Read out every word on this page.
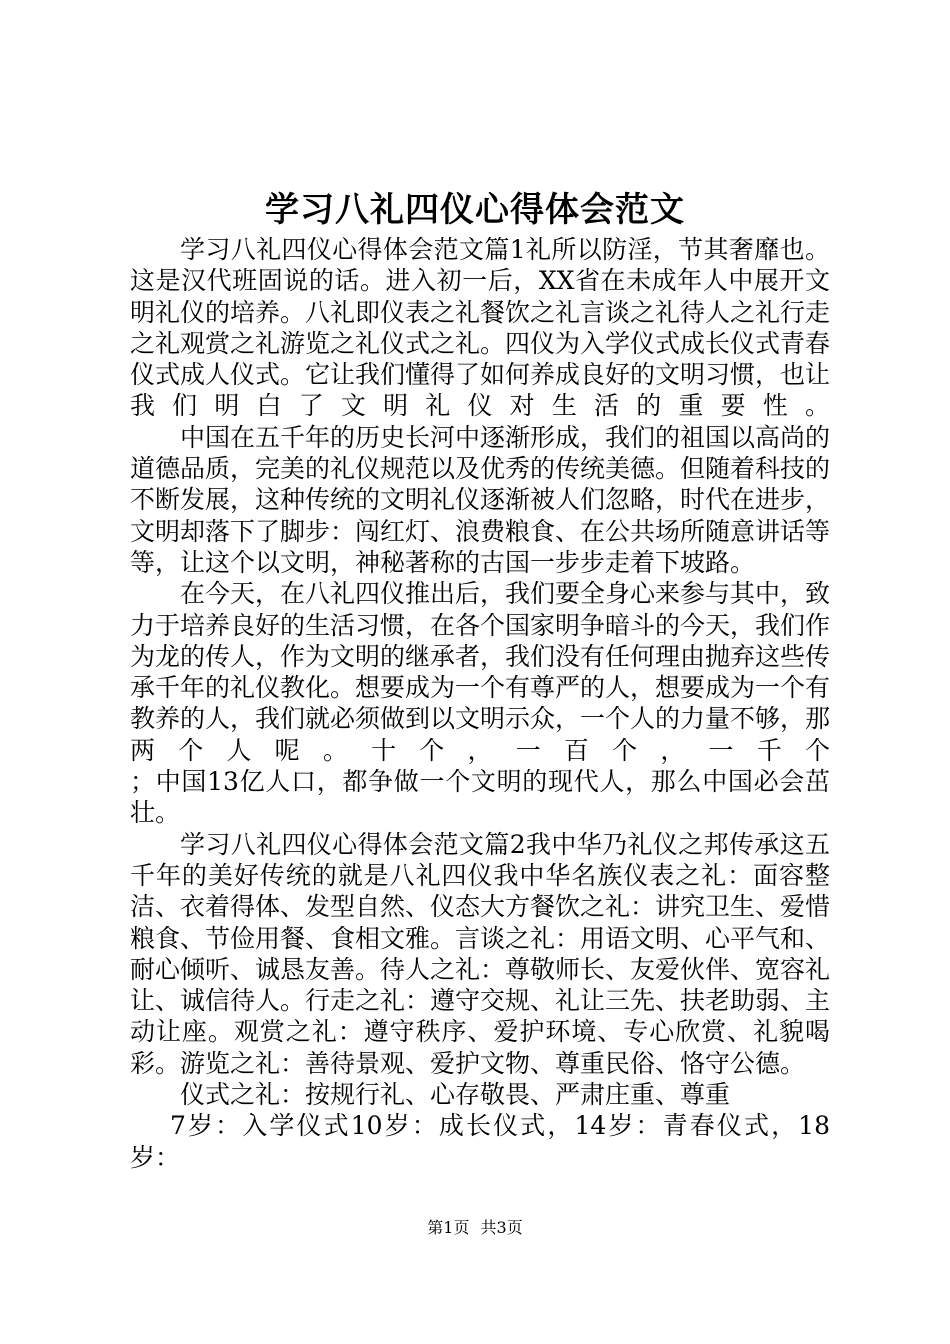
学习八礼四仪心得体会范文

学习八礼四仪心得体会范文篇1礼所以防淫，节其奢靡也。这是汉代班固说的话。进入初一后，XX省在未成年人中展开文明礼仪的培养。八礼即仪表之礼餐饮之礼言谈之礼待人之礼行走之礼观赏之礼游览之礼仪式之礼。四仪为入学仪式成长仪式青春仪式成人仪式。它让我们懂得了如何养成良好的文明习惯，也让我们明白了文明礼仪对生活的重要性。

中国在五千年的历史长河中逐渐形成，我们的祖国以高尚的道德品质，完美的礼仪规范以及优秀的传统美德。但随着科技的不断发展，这种传统的文明礼仪逐渐被人们忽略，时代在进步，文明却落下了脚步：闯红灯、浪费粮食、在公共场所随意讲话等等，让这个以文明，神秘著称的古国一步步走着下坡路。

在今天，在八礼四仪推出后，我们要全身心来参与其中，致力于培养良好的生活习惯，在各个国家明争暗斗的今天，我们作为龙的传人，作为文明的继承者，我们没有任何理由抛弃这些传承千年的礼仪教化。想要成为一个有尊严的人，想要成为一个有教养的人，我们就必须做到以文明示众，一个人的力量不够，那两个人呢。十个，一百个，一千个

；中国13亿人口，都争做一个文明的现代人，那么中国必会茁壮。

学习八礼四仪心得体会范文篇2我中华乃礼仪之邦传承这五千年的美好传统的就是八礼四仪我中华名族仪表之礼：面容整洁、衣着得体、发型自然、仪态大方餐饮之礼：讲究卫生、爱惜粮食、节俭用餐、食相文雅。言谈之礼：用语文明、心平气和、耐心倾听、诚恳友善。待人之礼：尊敬师长、友爱伙伴、宽容礼让、诚信待人。行走之礼：遵守交规、礼让三先、扶老助弱、主动让座。观赏之礼：遵守秩序、爱护环境、专心欣赏、礼貌喝彩。游览之礼：善待景观、爱护文物、尊重民俗、恪守公德。

仪式之礼：按规行礼、心存敬畏、严肃庄重、尊重

7岁：入学仪式10岁：成长仪式，14岁：青春仪式，18岁：

第1页 共3页
